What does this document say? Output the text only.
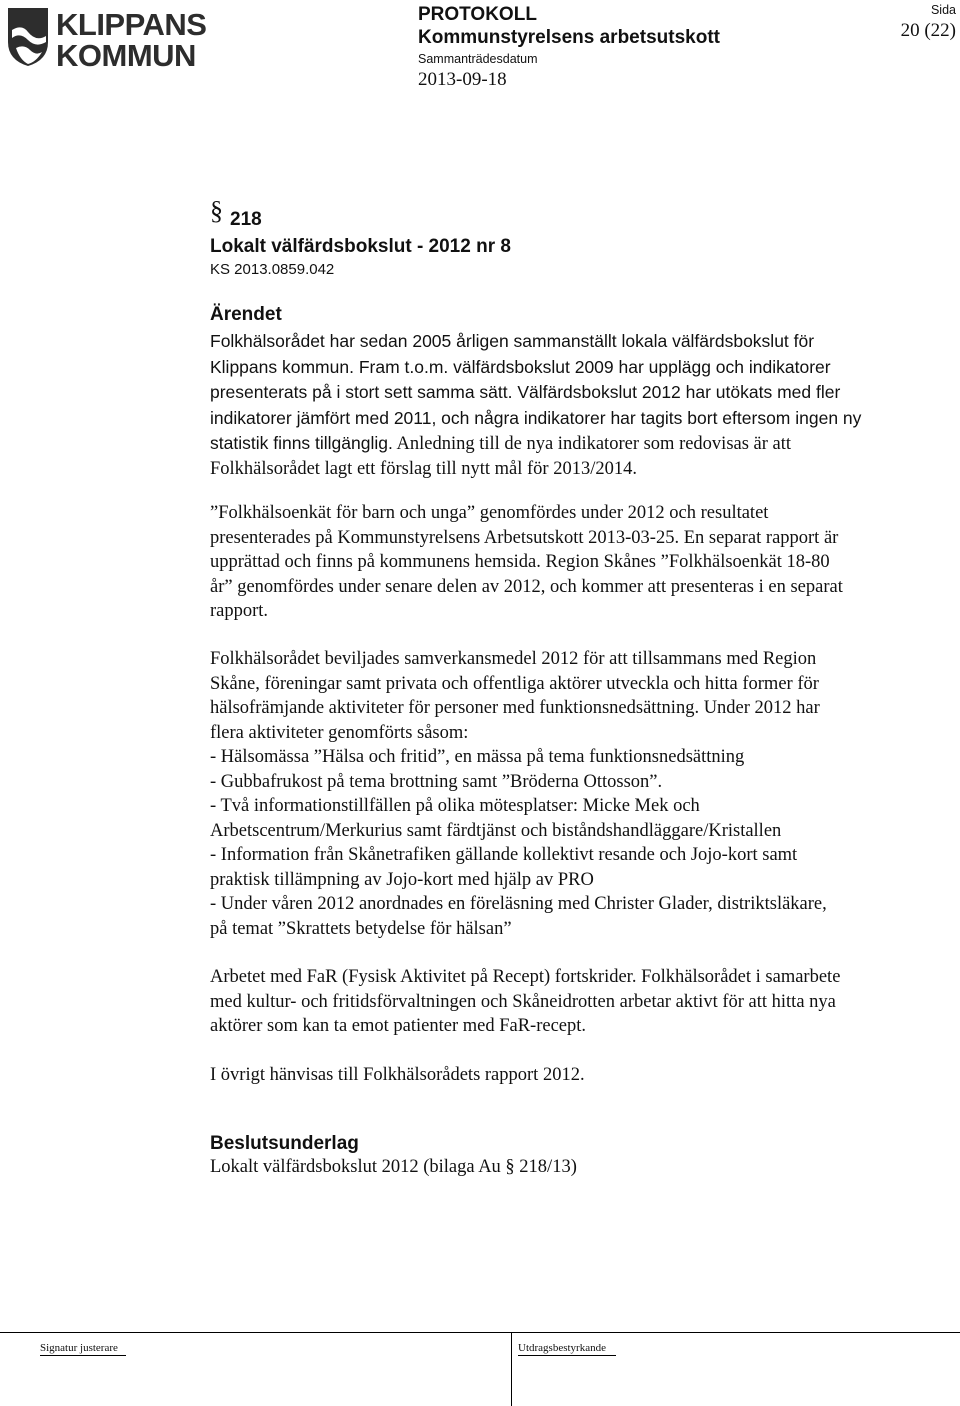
KLIPPANS
KOMMUN
PROTOKOLL
Kommunstyrelsens arbetsutskott
Sammanträdesdatum
2013-09-18
Sida
20 (22)
§ 218
Lokalt välfärdsbokslut - 2012 nr 8
KS 2013.0859.042
Ärendet
Folkhälsorådet har sedan 2005 årligen sammanställt lokala välfärdsbokslut för
Klippans kommun. Fram t.o.m. välfärdsbokslut 2009 har upplägg och indikatorer
presenterats på i stort sett samma sätt. Välfärdsbokslut 2012 har utökats med fler
indikatorer jämfört med 2011, och några indikatorer har tagits bort eftersom ingen ny
statistik finns tillgänglig. Anledning till de nya indikatorer som redovisas är att
Folkhälsorådet lagt ett förslag till nytt mål för 2013/2014.
”Folkhälsoenkät för barn och unga” genomfördes under 2012 och resultatet
presenterades på Kommunstyrelsens Arbetsutskott 2013-03-25. En separat rapport är
upprättad och finns på kommunens hemsida. Region Skånes ”Folkhälsoenkät 18-80
år” genomfördes under senare delen av 2012, och kommer att presenteras i en separat
rapport.
Folkhälsorådet beviljades samverkansmedel 2012 för att tillsammans med Region
Skåne, föreningar samt privata och offentliga aktörer utveckla och hitta former för
hälsofrämjande aktiviteter för personer med funktionsnedsättning. Under 2012 har
flera aktiviteter genomförts såsom:
- Hälsomässa ”Hälsa och fritid”, en mässa på tema funktionsnedsättning
- Gubbafrukost på tema brottning samt ”Bröderna Ottosson”.
- Två informationstillfällen på olika mötesplatser: Micke Mek och
Arbetscentrum/Merkurius samt färdtjänst och biståndshandläggare/Kristallen
- Information från Skånetrafiken gällande kollektivt resande och Jojo-kort samt
praktisk tillämpning av Jojo-kort med hjälp av PRO
- Under våren 2012 anordnades en föreläsning med Christer Glader, distriktsläkare,
på temat ”Skrattets betydelse för hälsan”
Arbetet med FaR (Fysisk Aktivitet på Recept) fortskrider. Folkhälsorådet i samarbete
med kultur- och fritidsförvaltningen och Skåneidrotten arbetar aktivt för att hitta nya
aktörer som kan ta emot patienter med FaR-recept.
I övrigt hänvisas till Folkhälsorådets rapport 2012.
Beslutsunderlag
Lokalt välfärdsbokslut 2012 (bilaga Au § 218/13)
Signatur justerare	Utdragsbestyrkande
